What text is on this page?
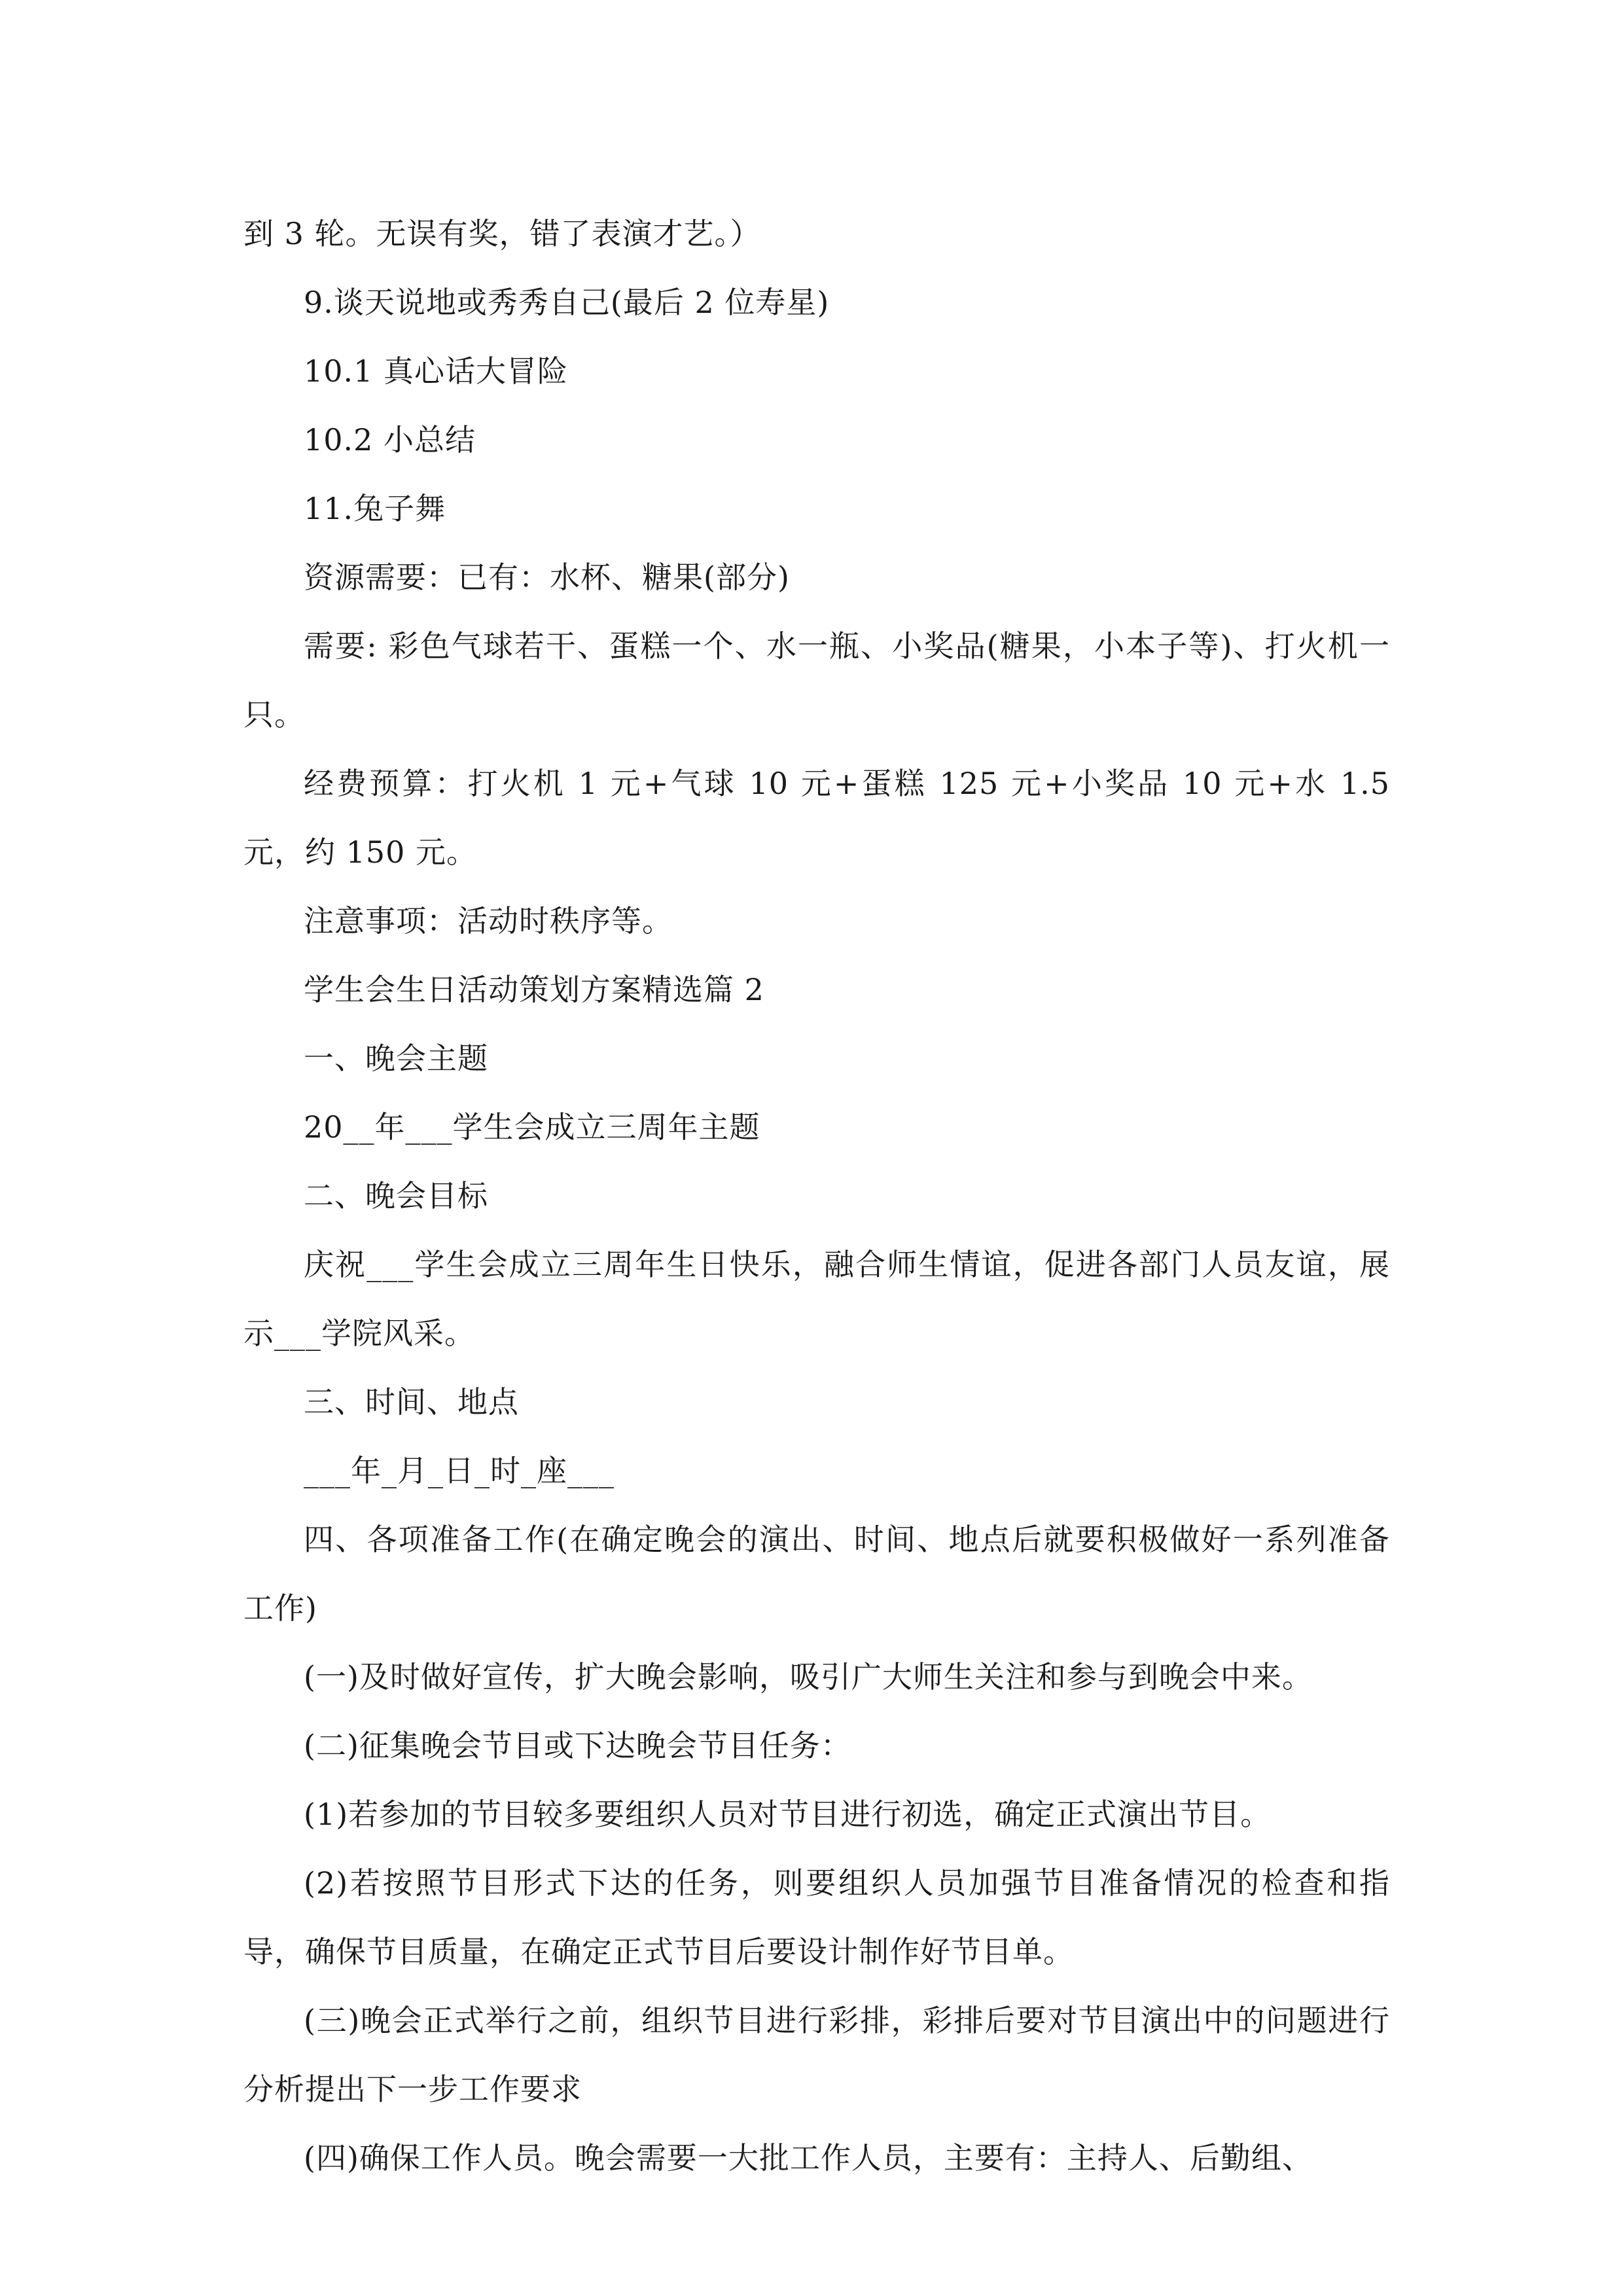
到 3 轮。无误有奖，错了表演才艺。）

9.谈天说地或秀秀自己(最后 2 位寿星)

10.1 真心话大冒险

10.2 小总结

11.兔子舞

资源需要：已有：水杯、糖果(部分)

需要: 彩色气球若干、蛋糕一个、水一瓶、小奖品(糖果，小本子等)、打火机一只。

经费预算：打火机 1 元+气球 10 元+蛋糕 125 元+小奖品 10 元+水 1.5 元，约 150 元。

注意事项：活动时秩序等。

学生会生日活动策划方案精选篇 2

一、晚会主题

20__年___学生会成立三周年主题

二、晚会目标

庆祝___学生会成立三周年生日快乐，融合师生情谊，促进各部门人员友谊，展示___学院风采。

三、时间、地点

___年_月_日_时_座___

四、各项准备工作(在确定晚会的演出、时间、地点后就要积极做好一系列准备工作)

(一)及时做好宣传，扩大晚会影响，吸引广大师生关注和参与到晚会中来。

(二)征集晚会节目或下达晚会节目任务：

(1)若参加的节目较多要组织人员对节目进行初选，确定正式演出节目。

(2)若按照节目形式下达的任务，则要组织人员加强节目准备情况的检查和指导，确保节目质量，在确定正式节目后要设计制作好节目单。

(三)晚会正式举行之前，组织节目进行彩排，彩排后要对节目演出中的问题进行分析提出下一步工作要求

(四)确保工作人员。晚会需要一大批工作人员，主要有：主持人、后勤组、
